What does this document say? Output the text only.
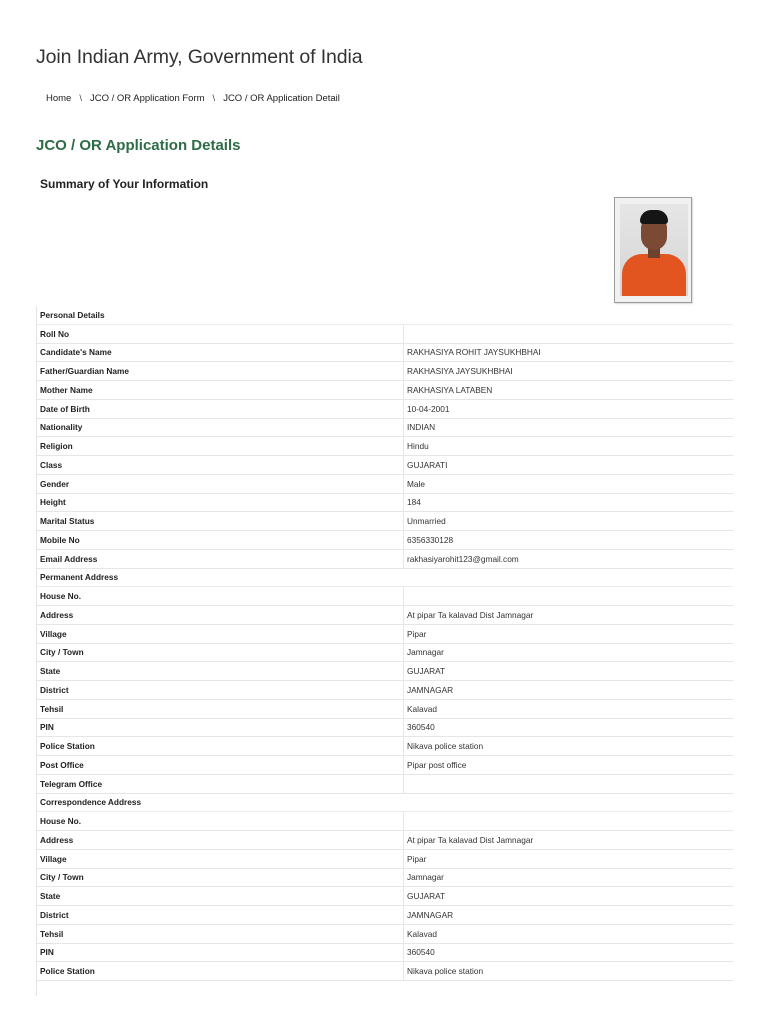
Join Indian Army, Government of India
Home \ JCO / OR Application Form \ JCO / OR Application Detail
JCO / OR Application Details
Summary of Your Information
Personal Details
Roll No
Candidate's Name	RAKHASIYA ROHIT JAYSUKHBHAI
Father/Guardian Name	RAKHASIYA JAYSUKHBHAI
Mother Name	RAKHASIYA LATABEN
Date of Birth	10-04-2001
Nationality	INDIAN
Religion	Hindu
Class	GUJARATI
Gender	Male
Height	184
Marital Status	Unmarried
Mobile No	6356330128
Email Address	rakhasiyarohit123@gmail.com
Permanent Address
House No.
Address	At pipar Ta kalavad Dist Jamnagar
Village	Pipar
City / Town	Jamnagar
State	GUJARAT
District	JAMNAGAR
Tehsil	Kalavad
PIN	360540
Police Station	Nikava police station
Post Office	Pipar post office
Telegram Office
Correspondence Address
House No.
Address	At pipar Ta kalavad Dist Jamnagar
Village	Pipar
City / Town	Jamnagar
State	GUJARAT
District	JAMNAGAR
Tehsil	Kalavad
PIN	360540
Police Station	Nikava police station
